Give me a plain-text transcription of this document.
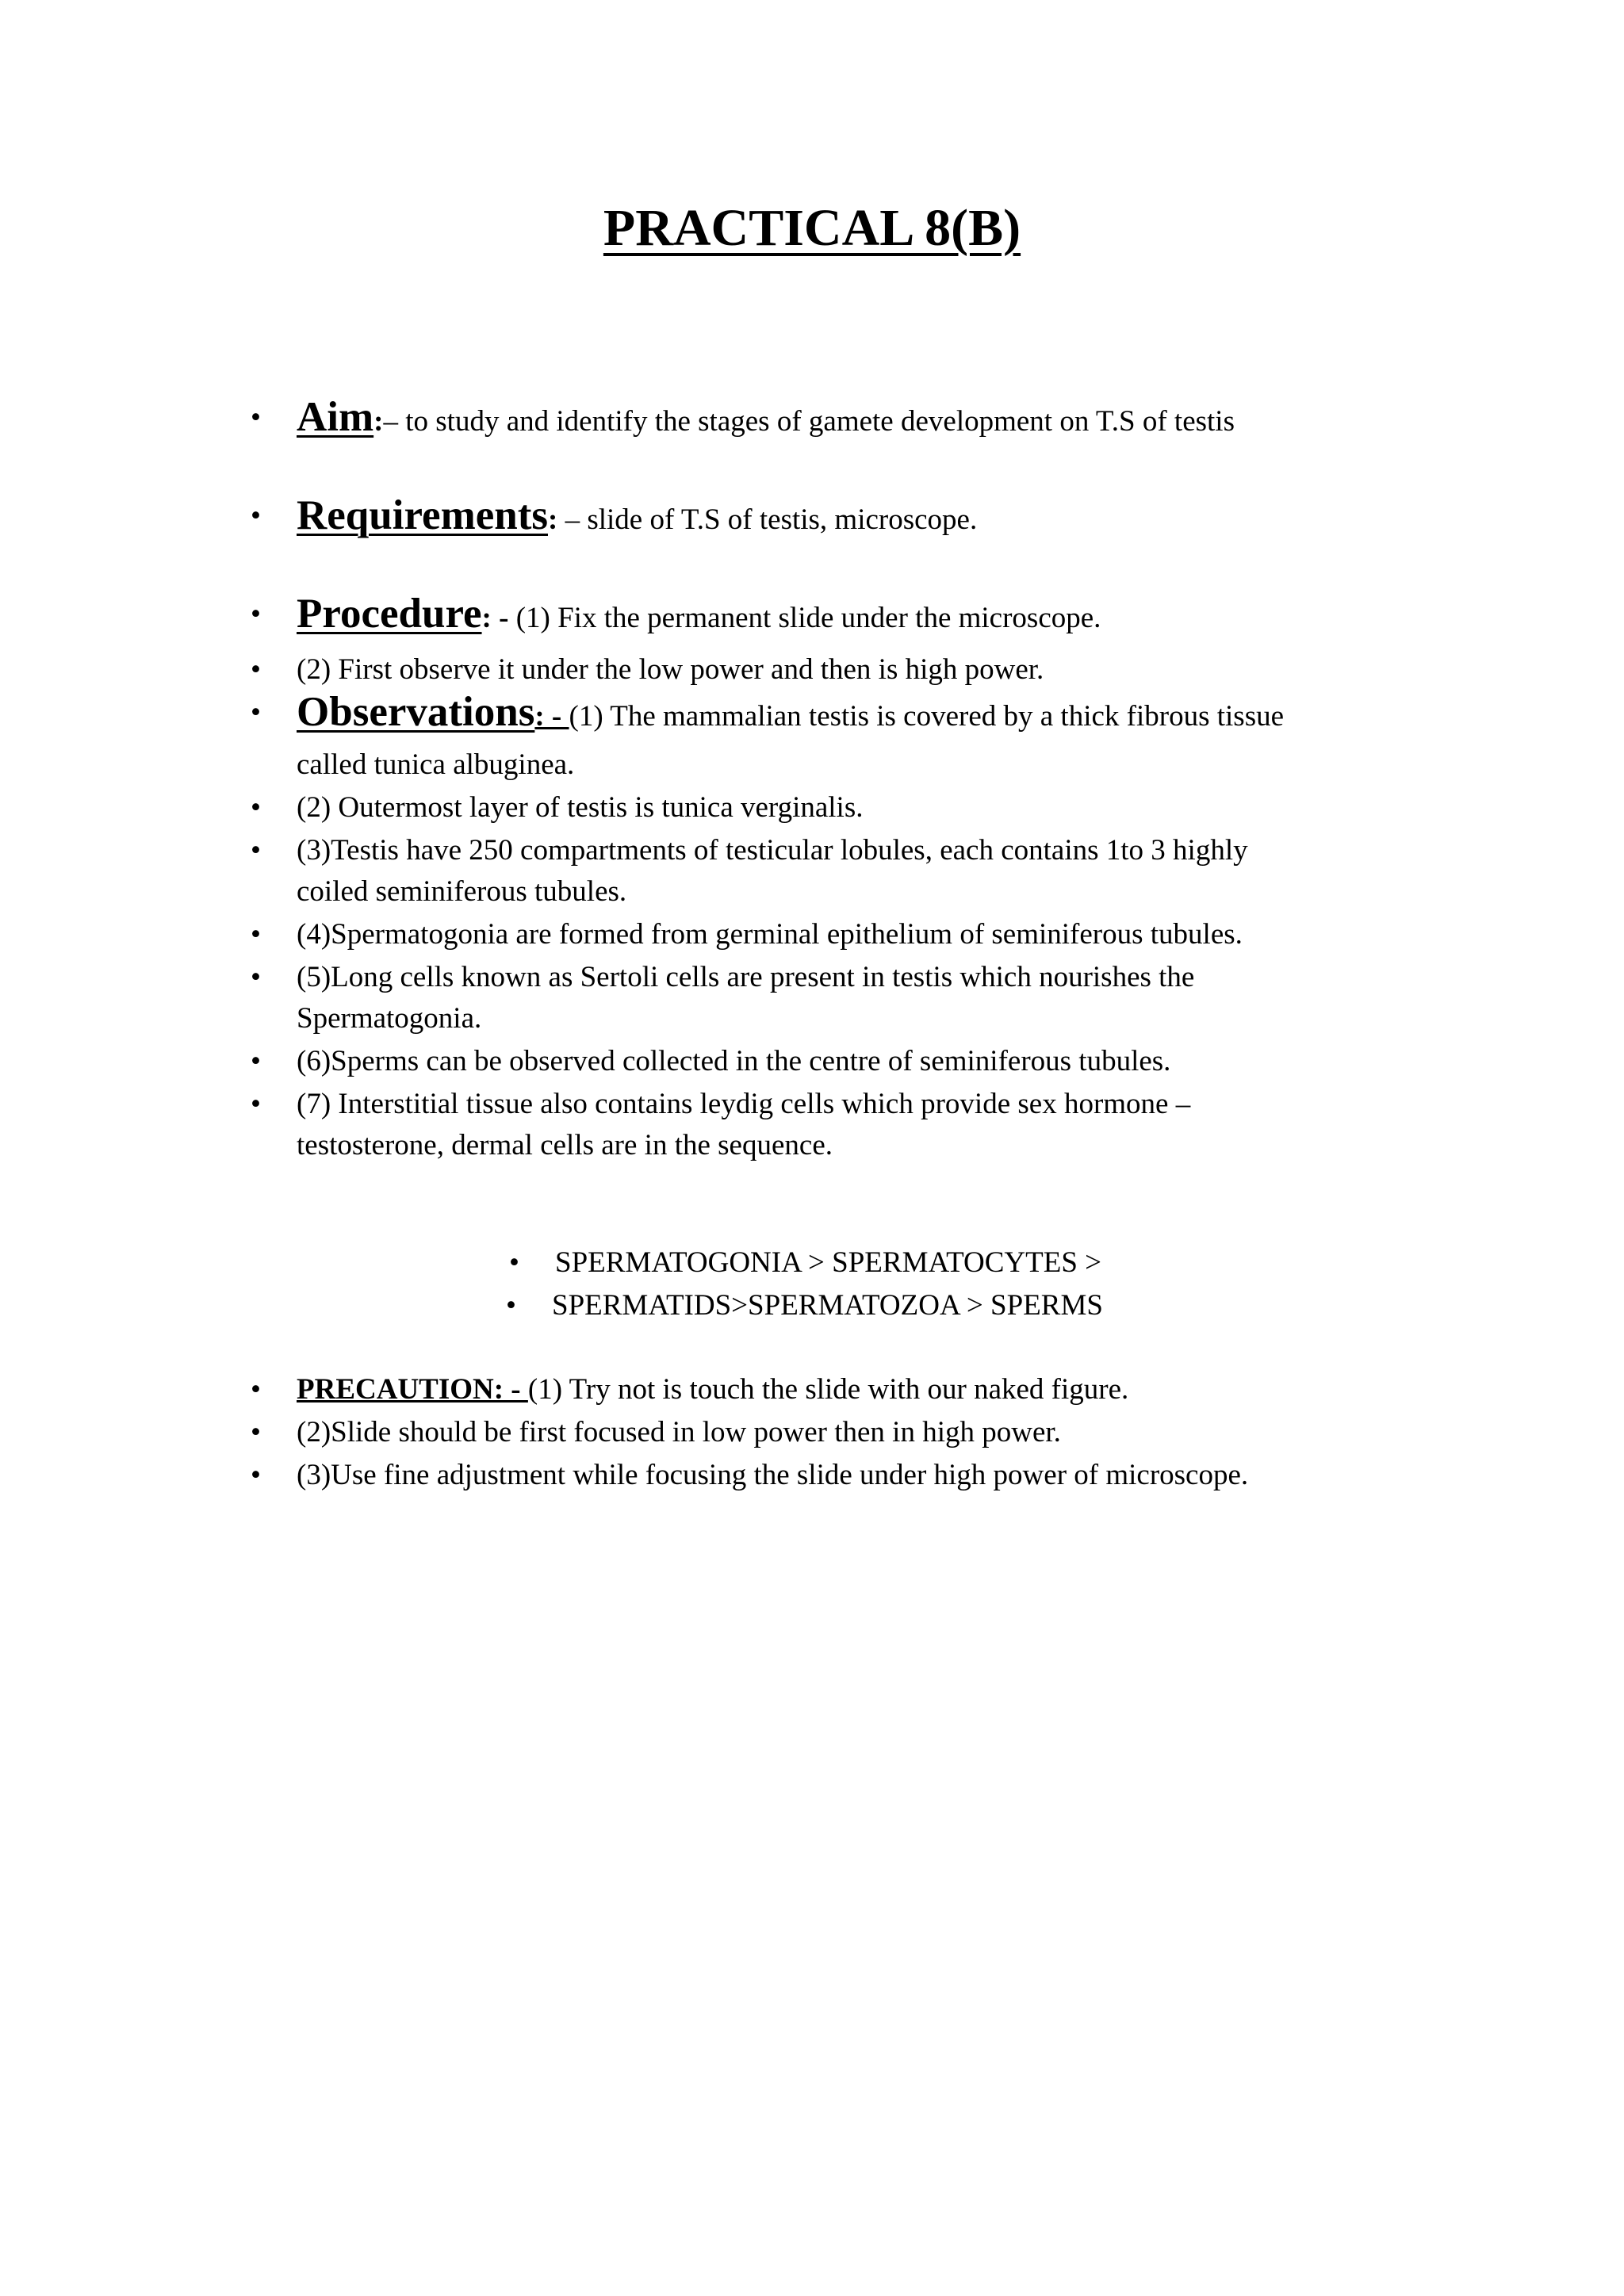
PRACTICAL 8(B)
• Aim:– to study and identify the stages of gamete development on T.S of testis
• Requirements: – slide of T.S of testis, microscope.
• Procedure: - (1) Fix the permanent slide under the microscope.
• (2) First observe it under the low power and then is high power.
• Observations: - (1) The mammalian testis is covered by a thick fibrous tissue
called tunica albuginea.
• (2) Outermost layer of testis is tunica verginalis.
• (3)Testis have 250 compartments of testicular lobules, each contains 1to 3 highly
coiled seminiferous tubules.
• (4)Spermatogonia are formed from germinal epithelium of seminiferous tubules.
• (5)Long cells known as Sertoli cells are present in testis which nourishes the
Spermatogonia.
• (6)Sperms can be observed collected in the centre of seminiferous tubules.
• (7) Interstitial tissue also contains leydig cells which provide sex hormone –
testosterone, dermal cells are in the sequence.
• SPERMATOGONIA > SPERMATOCYTES >
• SPERMATIDS>SPERMATOZOA > SPERMS
• PRECAUTION: - (1) Try not is touch the slide with our naked figure.
• (2)Slide should be first focused in low power then in high power.
• (3)Use fine adjustment while focusing the slide under high power of microscope.
